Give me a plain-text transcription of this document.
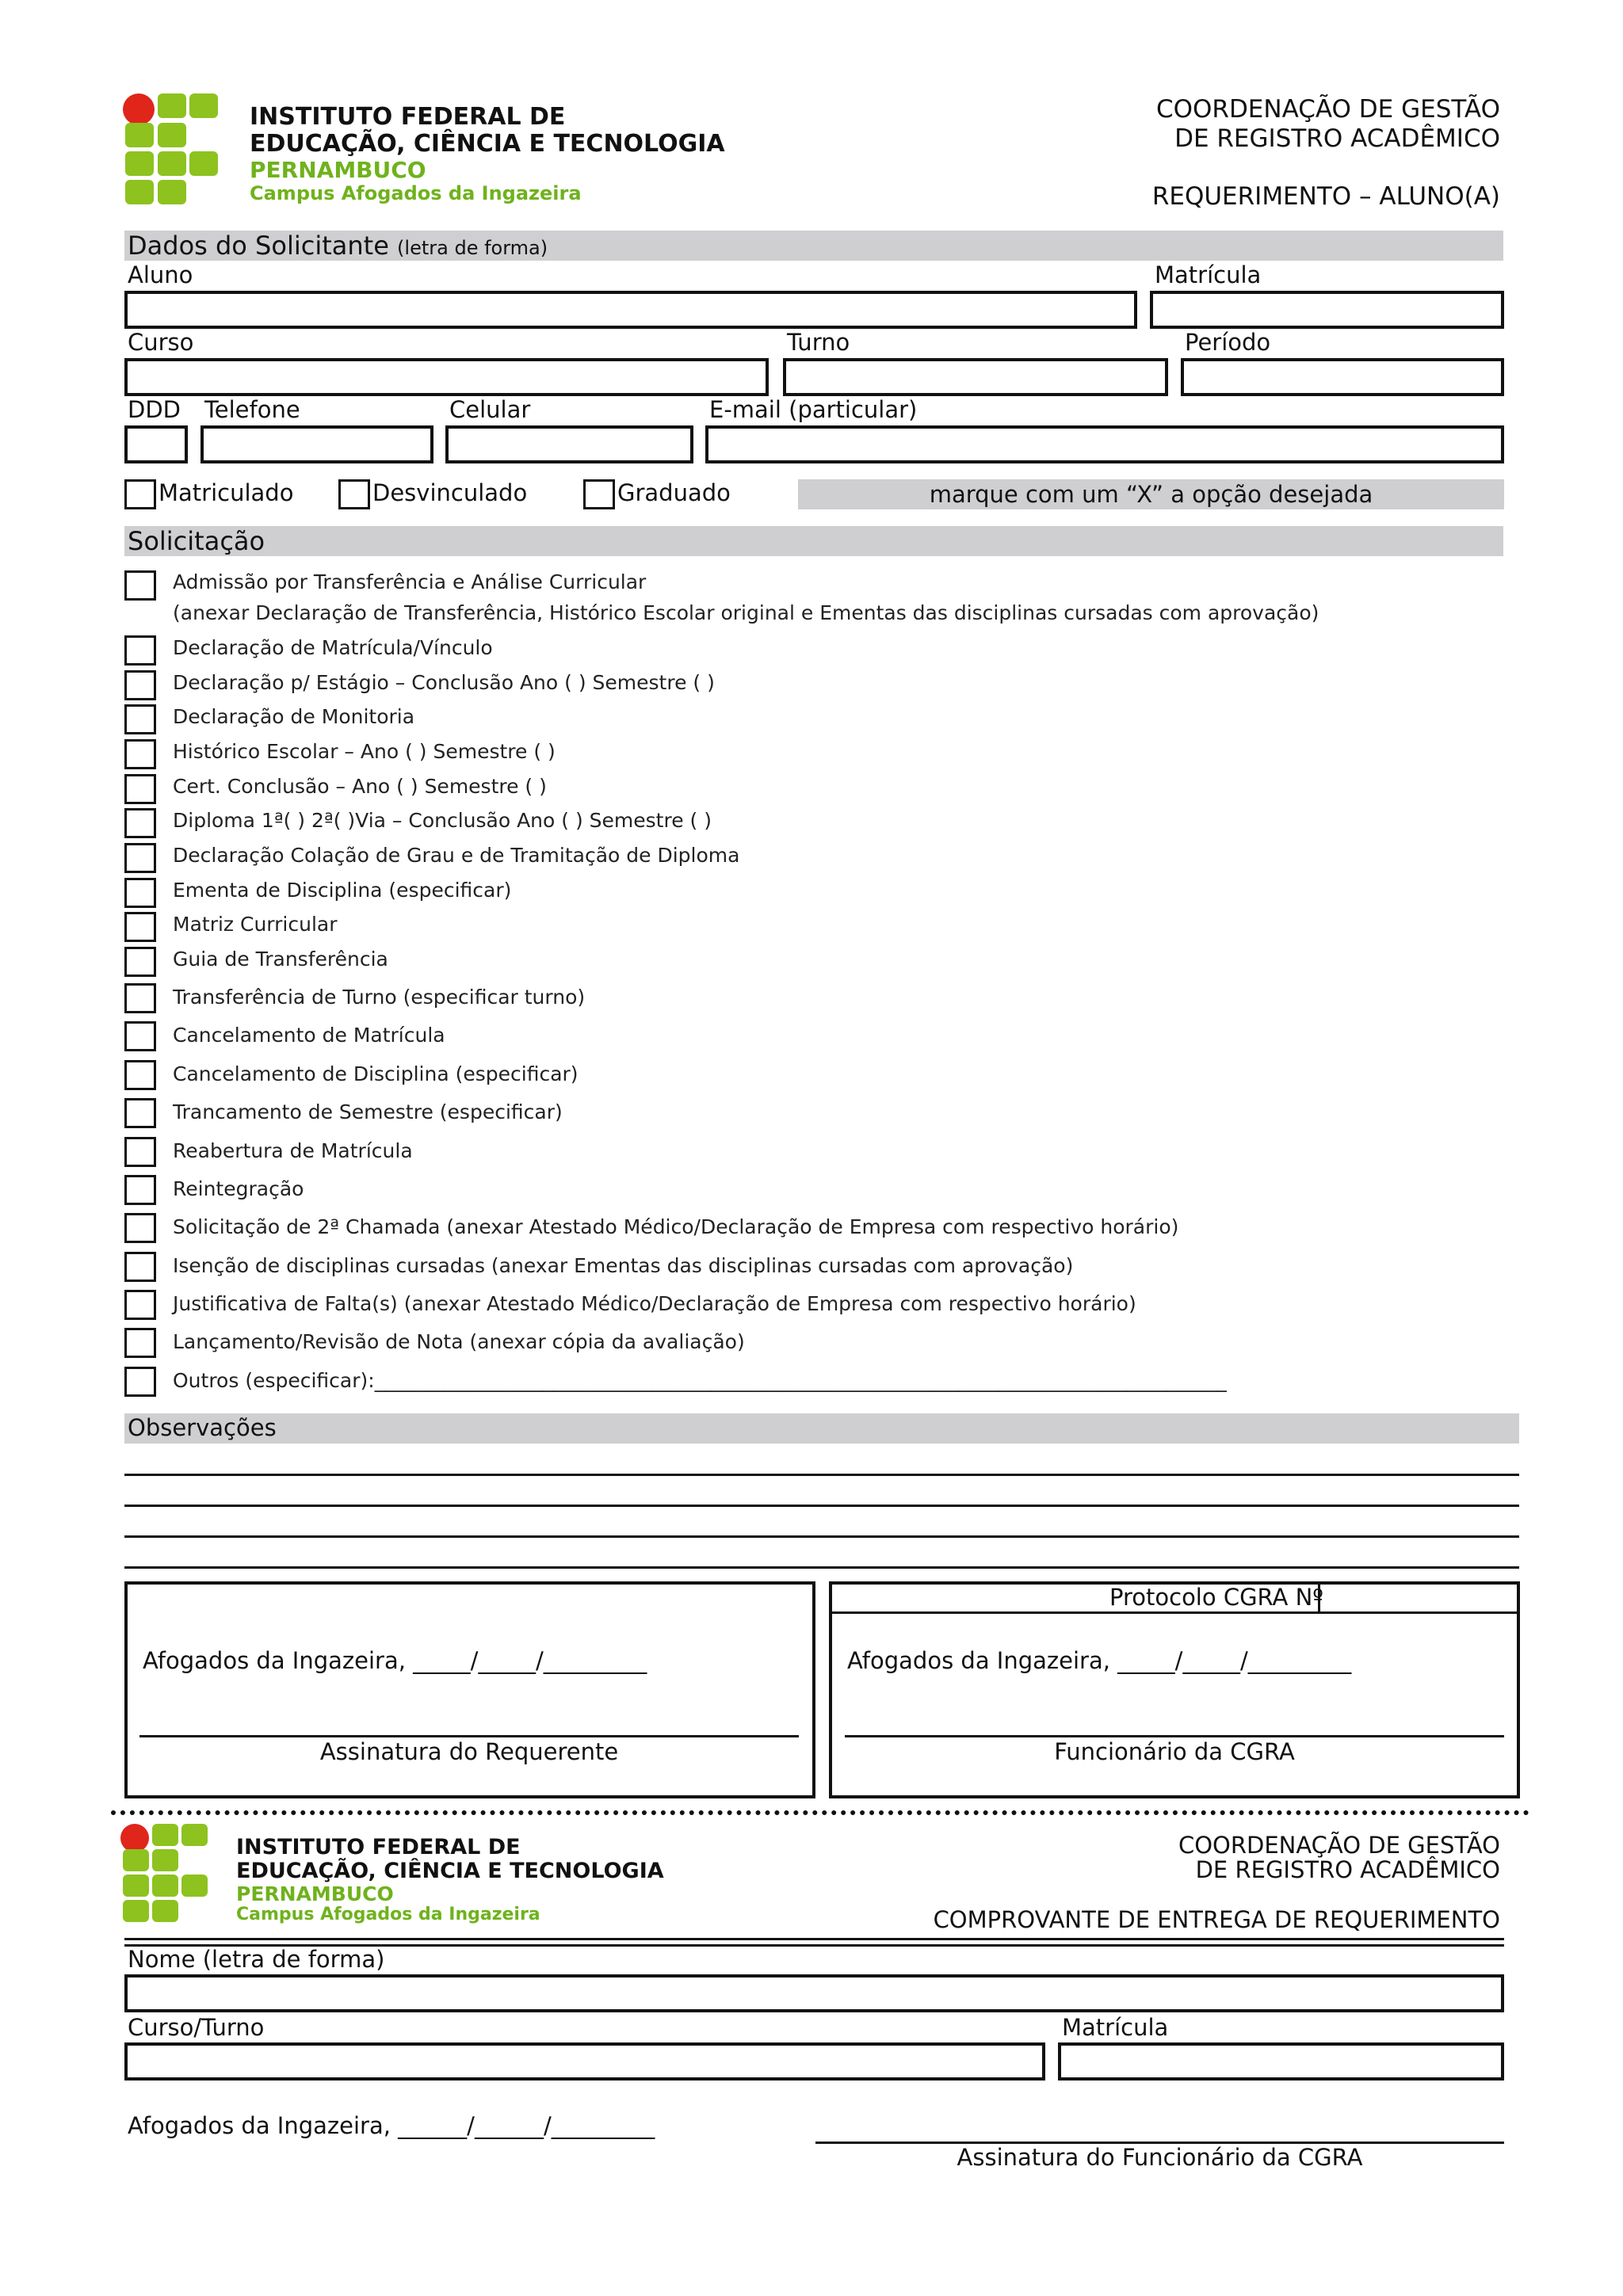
INSTITUTO FEDERAL DE
EDUCAÇÃO, CIÊNCIA E TECNOLOGIA
PERNAMBUCO
Campus Afogados da Ingazeira
COORDENAÇÃO DE GESTÃO
DE REGISTRO ACADÊMICO
REQUERIMENTO – ALUNO(A)
Dados do Solicitante (letra de forma)
Aluno	Matrícula
Curso	Turno	Período
DDD Telefone	Celular	E-mail (particular)
Matriculado	Desvinculado	Graduado	marque com um “X” a opção desejada
Solicitação
Admissão por Transferência e Análise Curricular
(anexar Declaração de Transferência, Histórico Escolar original e Ementas das disciplinas cursadas com aprovação)
Declaração de Matrícula/Vínculo
Declaração p/ Estágio – Conclusão Ano ( ) Semestre ( )
Declaração de Monitoria
Histórico Escolar – Ano ( ) Semestre ( )
Cert. Conclusão – Ano ( ) Semestre ( )
Diploma 1ª( ) 2ª( )Via – Conclusão Ano ( ) Semestre ( )
Declaração Colação de Grau e de Tramitação de Diploma
Ementa de Disciplina (especificar)
Matriz Curricular
Guia de Transferência
Transferência de Turno (especificar turno)
Cancelamento de Matrícula
Cancelamento de Disciplina (especificar)
Trancamento de Semestre (especificar)
Reabertura de Matrícula
Reintegração
Solicitação de 2ª Chamada (anexar Atestado Médico/Declaração de Empresa com respectivo horário)
Isenção de disciplinas cursadas (anexar Ementas das disciplinas cursadas com aprovação)
Justificativa de Falta(s) (anexar Atestado Médico/Declaração de Empresa com respectivo horário)
Lançamento/Revisão de Nota (anexar cópia da avaliação)
Outros (especificar):______________________________________________________________________________________
Observações
Afogados da Ingazeira, _____/_____/_________
Assinatura do Requerente
Protocolo CGRA Nº
Afogados da Ingazeira, _____/_____/_________
Funcionário da CGRA
INSTITUTO FEDERAL DE
EDUCAÇÃO, CIÊNCIA E TECNOLOGIA
PERNAMBUCO
Campus Afogados da Ingazeira
COORDENAÇÃO DE GESTÃO
DE REGISTRO ACADÊMICO
COMPROVANTE DE ENTREGA DE REQUERIMENTO
Nome (letra de forma)
Curso/Turno	Matrícula
Afogados da Ingazeira, ______/______/_________
Assinatura do Funcionário da CGRA
